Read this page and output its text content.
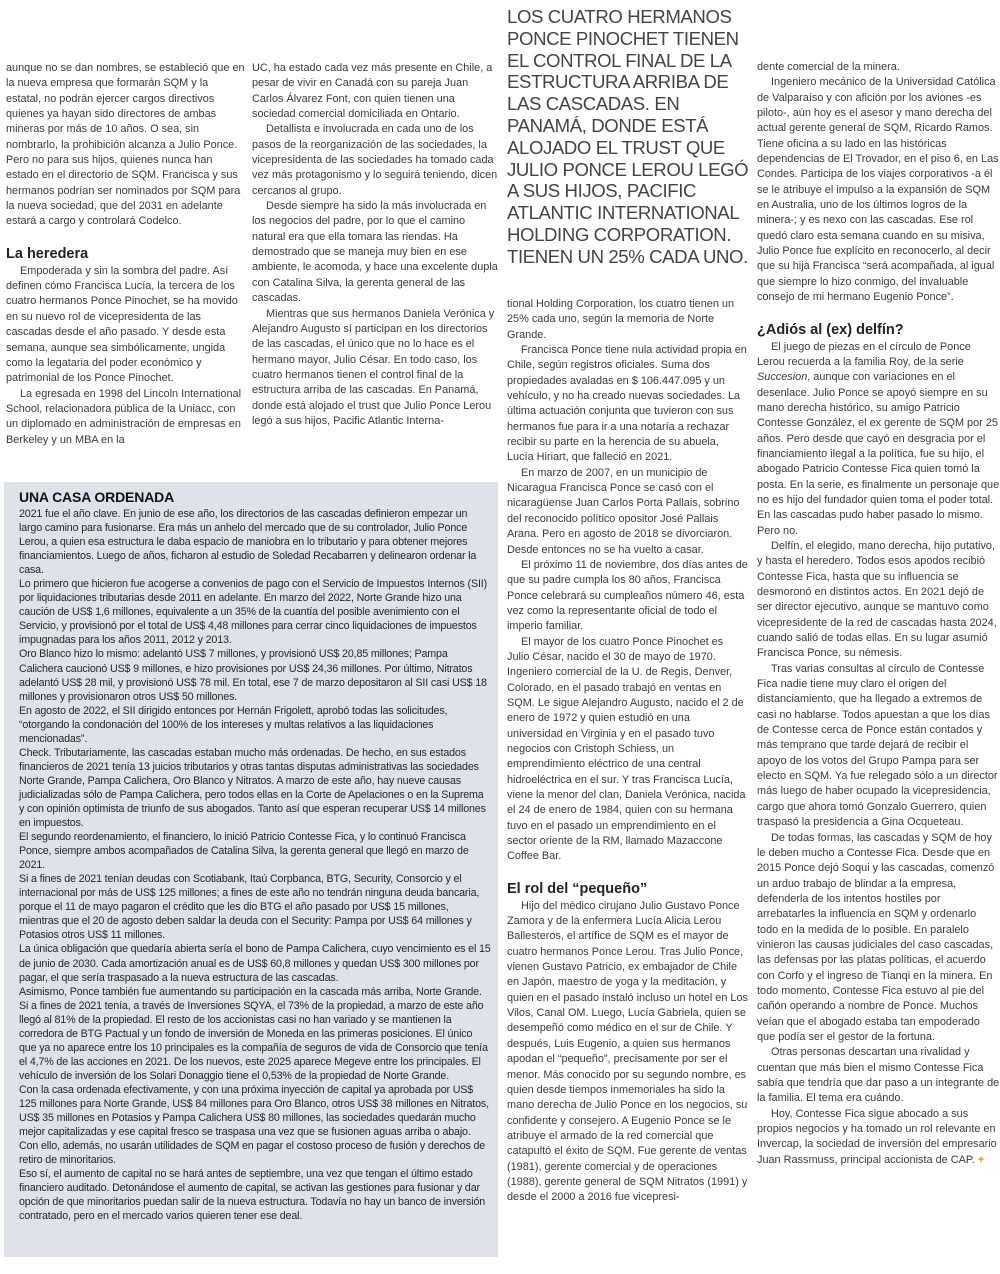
LOS CUATRO HERMANOS PONCE PINOCHET TIENEN EL CONTROL FINAL DE LA ESTRUCTURA ARRIBA DE LAS CASCADAS. EN PANAMÁ, DONDE ESTÁ ALOJADO EL TRUST QUE JULIO PONCE LEROU LEGÓ A SUS HIJOS, PACIFIC ATLANTIC INTERNATIONAL HOLDING CORPORATION. TIENEN UN 25% CADA UNO.

aunque no se dan nombres, se estableció que en la nueva empresa que formarán SQM y la estatal, no podrán ejercer cargos directivos quienes ya hayan sido directores de ambas mineras por más de 10 años. O sea, sin nombrarlo, la prohibición alcanza a Julio Ponce. Pero no para sus hijos, quienes nunca han estado en el directorio de SQM. Francisca y sus hermanos podrían ser nominados por SQM para la nueva sociedad, que del 2031 en adelante estará a cargo y controlará Codelco.

La heredera

Empoderada y sin la sombra del padre. Así definen cómo Francisca Lucía, la tercera de los cuatro hermanos Ponce Pinochet, se ha movido en su nuevo rol de vicepresidenta de las cascadas desde el año pasado. Y desde esta semana, aunque sea simbólicamente, ungida como la legataria del poder económico y patrimonial de los Ponce Pinochet.

La egresada en 1998 del Lincoln International School, relacionadora pública de la Uniacc, con un diplomado en administración de empresas en Berkeley y un MBA en la

UC, ha estado cada vez más presente en Chile, a pesar de vivir en Canadá con su pareja Juan Carlos Álvarez Font, con quien tienen una sociedad comercial domiciliada en Ontario.

Detallista e involucrada en cada uno de los pasos de la reorganización de las sociedades, la vicepresidenta de las sociedades ha tomado cada vez más protagonismo y lo seguirá teniendo, dicen cercanos al grupo.

Desde siempre ha sido la más involucrada en los negocios del padre, por lo que el camino natural era que ella tomara las riendas. Ha demostrado que se maneja muy bien en ese ambiente, le acomoda, y hace una excelente dupla con Catalina Silva, la gerenta general de las cascadas.

Mientras que sus hermanos Daniela Verónica y Alejandro Augusto sí participan en los directorios de las cascadas, el único que no lo hace es el hermano mayor, Julio César. En todo caso, los cuatro hermanos tienen el control final de la estructura arriba de las cascadas. En Panamá, donde está alojado el trust que Julio Ponce Lerou legó a sus hijos, Pacific Atlantic Interna-

tional Holding Corporation, los cuatro tienen un 25% cada uno, según la memoria de Norte Grande.

Francisca Ponce tiene nula actividad propia en Chile, según registros oficiales. Suma dos propiedades avaladas en $ 106.447.095 y un vehículo, y no ha creado nuevas sociedades. La última actuación conjunta que tuvieron con sus hermanos fue para ir a una notaría a rechazar recibir su parte en la herencia de su abuela, Lucía Hiriart, que falleció en 2021.

En marzo de 2007, en un municipio de Nicaragua Francisca Ponce se casó con el nicaragüense Juan Carlos Porta Pallais, sobrino del reconocido político opositor José Pallais Arana. Pero en agosto de 2018 se divorciaron. Desde entonces no se ha vuelto a casar.

El próximo 11 de noviembre, dos días antes de que su padre cumpla los 80 años, Francisca Ponce celebrará su cumpleaños número 46, esta vez como la representante oficial de todo el imperio familiar.

El mayor de los cuatro Ponce Pinochet es Julio César, nacido el 30 de mayo de 1970. Ingeniero comercial de la U. de Regis, Denver, Colorado, en el pasado trabajó en ventas en SQM. Le sigue Alejandro Augusto, nacido el 2 de enero de 1972 y quien estudió en una universidad en Virginia y en el pasado tuvo negocios con Cristoph Schiess, un emprendimiento eléctrico de una central hidroeléctrica en el sur. Y tras Francisca Lucía, viene la menor del clan, Daniela Verónica, nacida el 24 de enero de 1984, quien con su hermana tuvo en el pasado un emprendimiento en el sector oriente de la RM, llamado Mazaccone Coffee Bar.

El rol del “pequeño”

Hijo del médico cirujano Julio Gustavo Ponce Zamora y de la enfermera Lucía Alicia Lerou Ballesteros, el artífice de SQM es el mayor de cuatro hermanos Ponce Lerou. Tras Julio Ponce, vienen Gustavo Patricio, ex embajador de Chile en Japón, maestro de yoga y la meditación, y quien en el pasado instaló incluso un hotel en Los Vilos, Canal OM. Luego, Lucía Gabriela, quien se desempeñó como médico en el sur de Chile. Y después, Luis Eugenio, a quien sus hermanos apodan el “pequeño”, precisamente por ser el menor. Más conocido por su segundo nombre, es quien desde tiempos inmemoriales ha sido la mano derecha de Julio Ponce en los negocios, su confidente y consejero. A Eugenio Ponce se le atribuye el armado de la red comercial que catapultó el éxito de SQM. Fue gerente de ventas (1981), gerente comercial y de operaciones (1988), gerente general de SQM Nitratos (1991) y desde el 2000 a 2016 fue vicepresi-

dente comercial de la minera.

Ingeniero mecánico de la Universidad Católica de Valparaíso y con afición por los aviones -es piloto-, aún hoy es el asesor y mano derecha del actual gerente general de SQM, Ricardo Ramos. Tiene oficina a su lado en las históricas dependencias de El Trovador, en el piso 6, en Las Condes. Participa de los viajes corporativos -a él se le atribuye el impulso a la expansión de SQM en Australia, uno de los últimos logros de la minera-; y es nexo con las cascadas. Ese rol quedó claro esta semana cuando en su misiva, Julio Ponce fue explícito en reconocerlo, al decir que su hija Francisca “será acompañada, al igual que siempre lo hizo conmigo, del invaluable consejo de mi hermano Eugenio Ponce”.

¿Adiós al (ex) delfín?

El juego de piezas en el círculo de Ponce Lerou recuerda a la familia Roy, de la serie Succesion, aunque con variaciones en el desenlace. Julio Ponce se apoyó siempre en su mano derecha histórico, su amigo Patricio Contesse González, el ex gerente de SQM por 25 años. Pero desde que cayó en desgracia por el financiamiento ilegal a la política, fue su hijo, el abogado Patricio Contesse Fica quien tomó la posta. En la serie, es finalmente un personaje que no es hijo del fundador quien toma el poder total. En las cascadas pudo haber pasado lo mismo. Pero no.

Delfín, el elegido, mano derecha, hijo putativo, y hasta el heredero. Todos esos apodos recibió Contesse Fica, hasta que su influencia se desmoronó en distintos actos. En 2021 dejó de ser director ejecutivo, aunque se mantuvo como vicepresidente de la red de cascadas hasta 2024, cuando salió de todas ellas. En su lugar asumió Francisca Ponce, su némesis.

Tras varias consultas al círculo de Contesse Fica nadie tiene muy claro el origen del distanciamiento, que ha llegado a extremos de casi no hablarse. Todos apuestan a que los días de Contesse cerca de Ponce están contados y más temprano que tarde dejará de recibir el apoyo de los votos del Grupo Pampa para ser electo en SQM. Ya fue relegado sólo a un director más luego de haber ocupado la vicepresidencia, cargo que ahora tomó Gonzalo Guerrero, quien traspasó la presidencia a Gina Ocqueteau.

De todas formas, las cascadas y SQM de hoy le deben mucho a Contesse Fica. Desde que en 2015 Ponce dejó Soqui y las cascadas, comenzó un arduo trabajo de blindar a la empresa, defenderla de los intentos hostiles por arrebatarles la influencia en SQM y ordenarlo todo en la medida de lo posible. En paralelo vinieron las causas judiciales del caso cascadas, las defensas por las platas políticas, el acuerdo con Corfo y el ingreso de Tianqi en la minera. En todo momento, Contesse Fica estuvo al pie del cañón operando a nombre de Ponce. Muchos veían que el abogado estaba tan empoderado que podía ser el gestor de la fortuna.

Otras personas descartan una rivalidad y cuentan que más bien el mismo Contesse Fica sabía que tendría que dar paso a un integrante de la familia. El tema era cuándo.

Hoy, Contesse Fica sigue abocado a sus propios negocios y ha tomado un rol relevante en Invercap, la sociedad de inversión del empresario Juan Rassmuss, principal accionista de CAP. +

UNA CASA ORDENADA

2021 fue el año clave. En junio de ese año, los directorios de las cascadas definieron empezar un largo camino para fusionarse. Era más un anhelo del mercado que de su controlador, Julio Ponce Lerou, a quien esa estructura le daba espacio de maniobra en lo tributario y para obtener mejores financiamientos. Luego de años, ficharon al estudio de Soledad Recabarren y delinearon ordenar la casa.

Lo primero que hicieron fue acogerse a convenios de pago con el Servicio de Impuestos Internos (SII) por liquidaciones tributarias desde 2011 en adelante. En marzo del 2022, Norte Grande hizo una caución de US$ 1,6 millones, equivalente a un 35% de la cuantía del posible avenimiento con el Servicio, y provisionó por el total de US$ 4,48 millones para cerrar cinco liquidaciones de impuestos impugnadas para los años 2011, 2012 y 2013.

Oro Blanco hizo lo mismo: adelantó US$ 7 millones, y provisionó US$ 20,85 millones; Pampa Calichera caucionó US$ 9 millones, e hizo provisiones por US$ 24,36 millones. Por último, Nitratos adelantó US$ 28 mil, y provisionó US$ 78 mil. En total, ese 7 de marzo depositaron al SII casi US$ 18 millones y provisionaron otros US$ 50 millones.

En agosto de 2022, el SII dirigido entonces por Hernán Frigolett, aprobó todas las solicitudes, “otorgando la condonación del 100% de los intereses y multas relativos a las liquidaciones mencionadas”.

Check. Tributariamente, las cascadas estaban mucho más ordenadas. De hecho, en sus estados financieros de 2021 tenía 13 juicios tributarios y otras tantas disputas administrativas las sociedades Norte Grande, Pampa Calichera, Oro Blanco y Nitratos. A marzo de este año, hay nueve causas judicializadas sólo de Pampa Calichera, pero todos ellas en la Corte de Apelaciones o en la Suprema y con opinión optimista de triunfo de sus abogados. Tanto así que esperan recuperar US$ 14 millones en impuestos.

El segundo reordenamiento, el financiero, lo inició Patricio Contesse Fica, y lo continuó Francisca Ponce, siempre ambos acompañados de Catalina Silva, la gerenta general que llegó en marzo de 2021.

Si a fines de 2021 tenían deudas con Scotiabank, Itaú Corpbanca, BTG, Security, Consorcio y el internacional por más de US$ 125 millones; a fines de este año no tendrán ninguna deuda bancaria, porque el 11 de mayo pagaron el crédito que les dio BTG el año pasado por US$ 15 millones, mientras que el 20 de agosto deben saldar la deuda con el Security: Pampa por US$ 64 millones y Potasios otros US$ 11 millones.

La única obligación que quedaría abierta sería el bono de Pampa Calichera, cuyo vencimiento es el 15 de junio de 2030. Cada amortización anual es de US$ 60,8 millones y quedan US$ 300 millones por pagar, el que sería traspasado a la nueva estructura de las cascadas.

Asimismo, Ponce también fue aumentando su participación en la cascada más arriba, Norte Grande. Si a fines de 2021 tenía, a través de Inversiones SQYA, el 73% de la propiedad, a marzo de este año llegó al 81% de la propiedad. El resto de los accionistas casi no han variado y se mantienen la corredora de BTG Pactual y un fondo de inversión de Moneda en las primeras posiciones. El único que ya no aparece entre los 10 principales es la compañía de seguros de vida de Consorcio que tenía el 4,7% de las acciones en 2021. De los nuevos, este 2025 aparece Megeve entre los principales. El vehículo de inversión de los Solari Donaggio tiene el 0,53% de la propiedad de Norte Grande.

Con la casa ordenada efectivamente, y con una próxima inyección de capital ya aprobada por US$ 125 millones para Norte Grande, US$ 84 millones para Oro Blanco, otros US$ 38 millones en Nitratos, US$ 35 millones en Potasios y Pampa Calichera US$ 80 millones, las sociedades quedarán mucho mejor capitalizadas y ese capital fresco se traspasa una vez que se fusionen aguas arriba o abajo. Con ello, además, no usarán utilidades de SQM en pagar el costoso proceso de fusión y derechos de retiro de minoritarios.

Eso sí, el aumento de capital no se hará antes de septiembre, una vez que tengan el último estado financiero auditado. Detonándose el aumento de capital, se activan las gestiones para fusionar y dar opción de que minoritarios puedan salir de la nueva estructura. Todavía no hay un banco de inversión contratado, pero en el mercado varios quieren tener ese deal.
